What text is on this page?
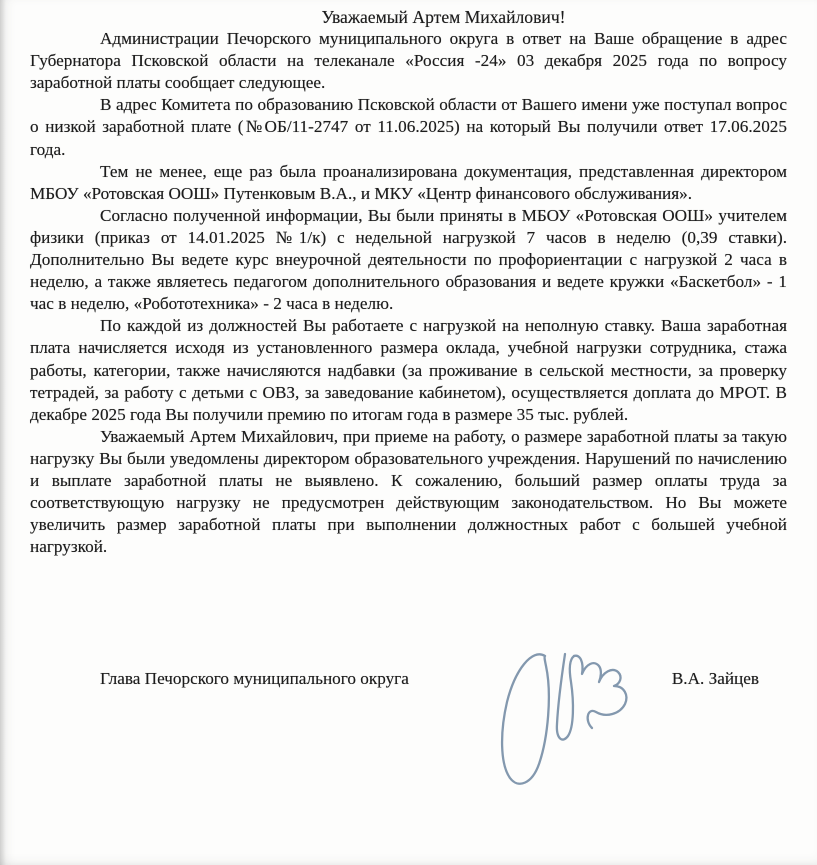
Уважаемый Артем Михайлович!

Администрации Печорского муниципального округа в ответ на Ваше обращение в адрес Губернатора Псковской области на телеканале «Россия -24» 03 декабря 2025 года по вопросу заработной платы сообщает следующее.

В адрес Комитета по образованию Псковской области от Вашего имени уже поступал вопрос о низкой заработной плате (№ОБ/11-2747 от 11.06.2025) на который Вы получили ответ 17.06.2025 года.

Тем не менее, еще раз была проанализирована документация, представленная директором МБОУ «Ротовская ООШ» Путенковым В.А., и МКУ «Центр финансового обслуживания».

Согласно полученной информации, Вы были приняты в МБОУ «Ротовская ООШ» учителем физики (приказ от 14.01.2025 №1/к) с недельной нагрузкой 7 часов в неделю (0,39 ставки). Дополнительно Вы ведете курс внеурочной деятельности по профориентации с нагрузкой 2 часа в неделю, а также являетесь педагогом дополнительного образования и ведете кружки «Баскетбол» - 1 час в неделю, «Робототехника» - 2 часа в неделю.

По каждой из должностей Вы работаете с нагрузкой на неполную ставку. Ваша заработная плата начисляется исходя из установленного размера оклада, учебной нагрузки сотрудника, стажа работы, категории, также начисляются надбавки (за проживание в сельской местности, за проверку тетрадей, за работу с детьми с ОВЗ, за заведование кабинетом), осуществляется доплата до МРОТ. В декабре 2025 года Вы получили премию по итогам года в размере 35 тыс. рублей.

Уважаемый Артем Михайлович, при приеме на работу, о размере заработной платы за такую нагрузку Вы были уведомлены директором образовательного учреждения. Нарушений по начислению и выплате заработной платы не выявлено. К сожалению, больший размер оплаты труда за соответствующую нагрузку не предусмотрен действующим законодательством. Но Вы можете увеличить размер заработной платы при выполнении должностных работ с большей учебной нагрузкой.

Глава Печорского муниципального округа	В.А. Зайцев
